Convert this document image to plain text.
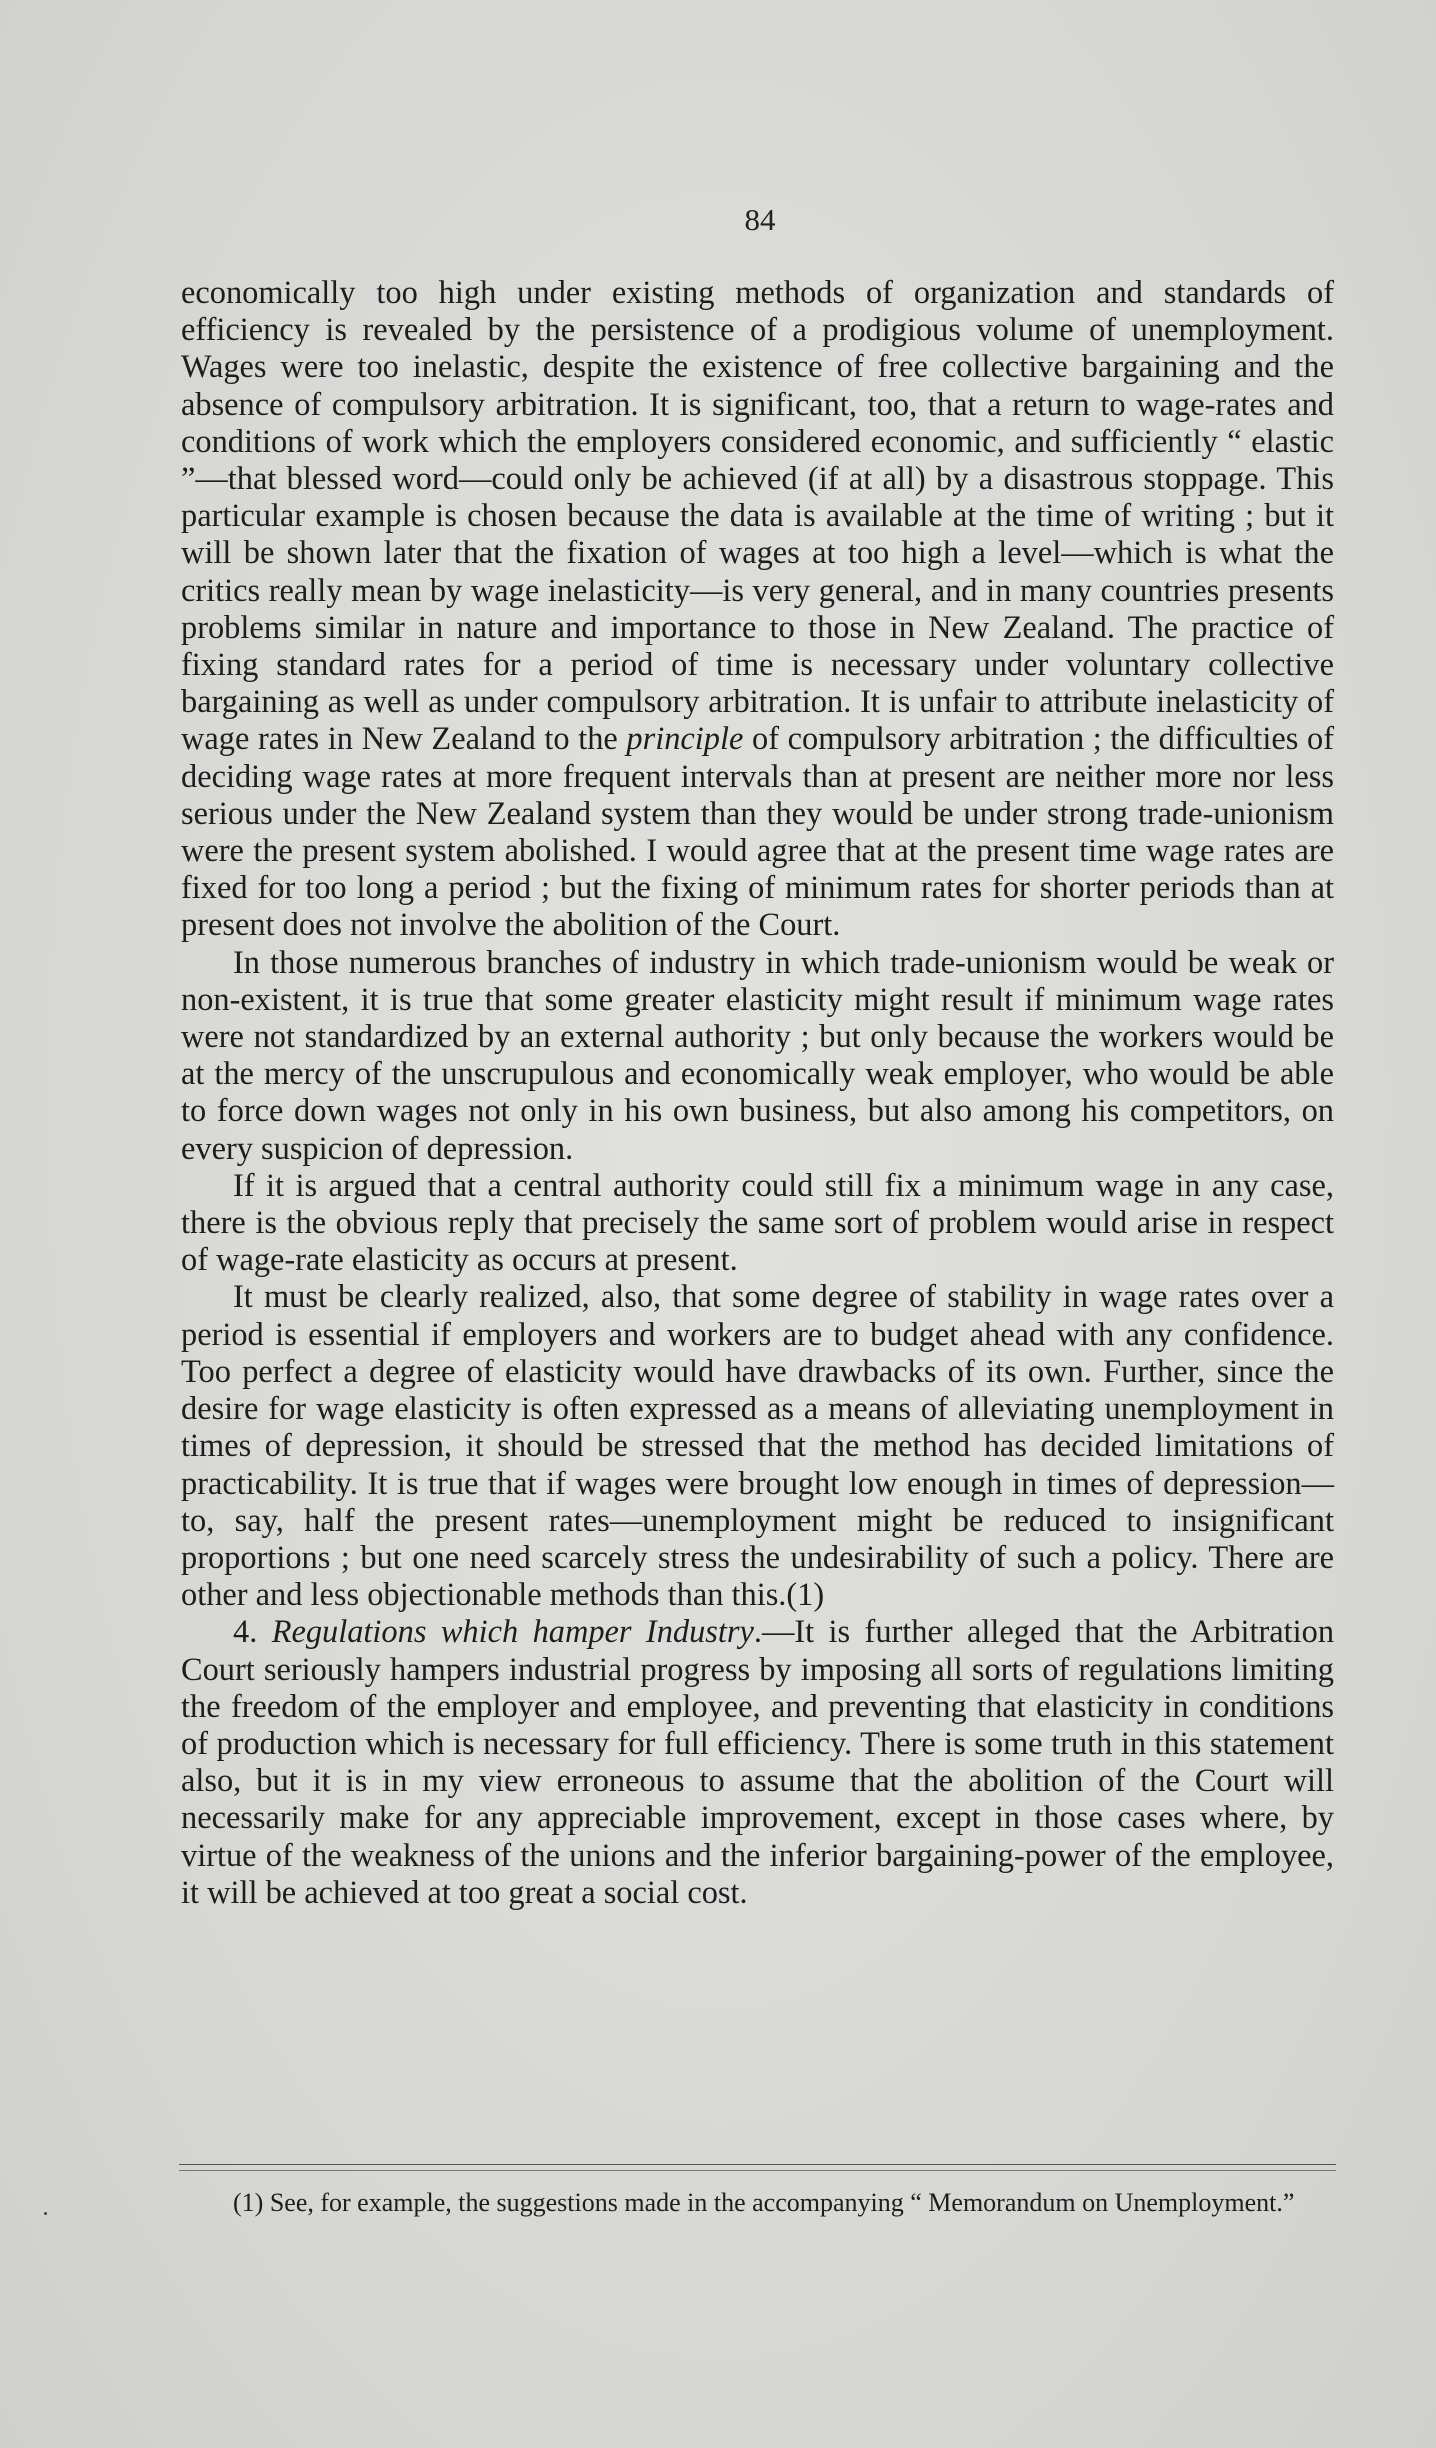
84

economically too high under existing methods of organization and standards of efficiency is revealed by the persistence of a prodigious volume of unemployment. Wages were too inelastic, despite the existence of free collective bargaining and the absence of compulsory arbitration. It is significant, too, that a return to wage-rates and conditions of work which the employers considered economic, and sufficiently “ elastic ”—that blessed word—could only be achieved (if at all) by a disastrous stoppage. This particular example is chosen because the data is available at the time of writing ; but it will be shown later that the fixation of wages at too high a level—which is what the critics really mean by wage inelasticity—is very general, and in many countries presents problems similar in nature and importance to those in New Zealand. The practice of fixing standard rates for a period of time is necessary under voluntary collective bargaining as well as under compulsory arbitration. It is unfair to attribute inelasticity of wage rates in New Zealand to the principle of compulsory arbitration ; the difficulties of deciding wage rates at more frequent intervals than at present are neither more nor less serious under the New Zealand system than they would be under strong trade-unionism were the present system abolished. I would agree that at the present time wage rates are fixed for too long a period ; but the fixing of minimum rates for shorter periods than at present does not involve the abolition of the Court.

In those numerous branches of industry in which trade-unionism would be weak or non-existent, it is true that some greater elasticity might result if minimum wage rates were not standardized by an external authority ; but only because the workers would be at the mercy of the unscrupulous and economically weak employer, who would be able to force down wages not only in his own business, but also among his competitors, on every suspicion of depression.

If it is argued that a central authority could still fix a minimum wage in any case, there is the obvious reply that precisely the same sort of problem would arise in respect of wage-rate elasticity as occurs at present.

It must be clearly realized, also, that some degree of stability in wage rates over a period is essential if employers and workers are to budget ahead with any confidence. Too perfect a degree of elasticity would have drawbacks of its own. Further, since the desire for wage elasticity is often expressed as a means of alleviating unemployment in times of depression, it should be stressed that the method has decided limitations of practicability. It is true that if wages were brought low enough in times of depression—to, say, half the present rates—unemployment might be reduced to insignificant proportions ; but one need scarcely stress the undesirability of such a policy. There are other and less objectionable methods than this.(1)

4. Regulations which hamper Industry.—It is further alleged that the Arbitration Court seriously hampers industrial progress by imposing all sorts of regulations limiting the freedom of the employer and employee, and preventing that elasticity in conditions of production which is necessary for full efficiency. There is some truth in this statement also, but it is in my view erroneous to assume that the abolition of the Court will necessarily make for any appreciable improvement, except in those cases where, by virtue of the weakness of the unions and the inferior bargaining-power of the employee, it will be achieved at too great a social cost.

(1) See, for example, the suggestions made in the accompanying “ Memorandum on Unemployment.”
